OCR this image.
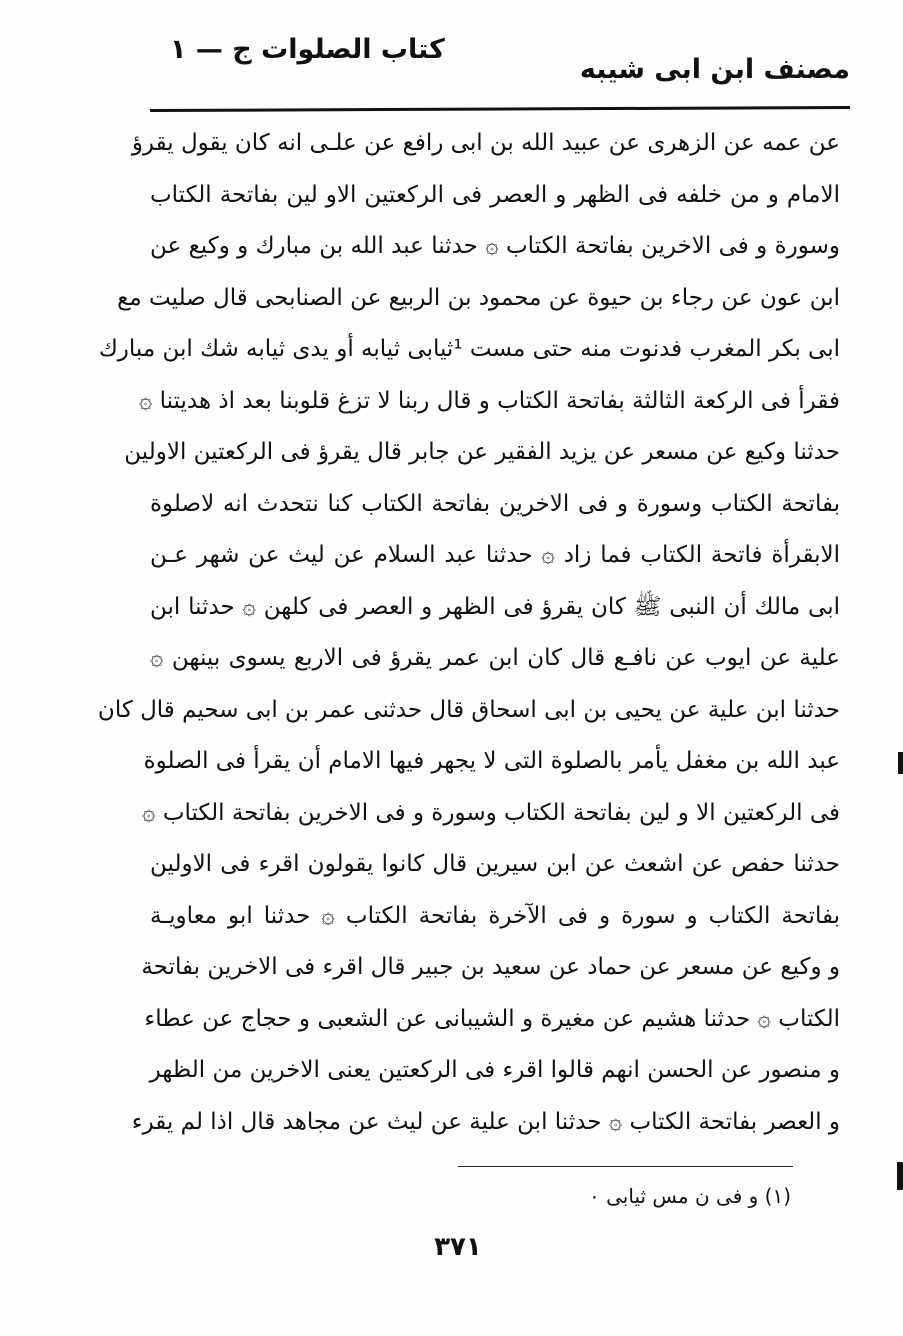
مصنف ابن ابى شيبه
كتاب الصلوات ج — ١
عن عمه عن الزهرى عن عبيد الله بن ابى رافع عن علـى انه كان يقول يقرؤ
الامام و من خلفه فى الظهر و العصر فى الركعتين الاو لين بفاتحة الكتاب
وسورة و فى الاخرين بفاتحة الكتاب ۞ حدثنا عبد الله بن مبارك و وكيع عن
ابن عون عن رجاء بن حيوة عن محمود بن الربيع عن الصنابحى قال صليت مع
ابى بكر المغرب فدنوت منه حتى مست ¹ثيابى ثيابه أو يدى ثيابه شك ابن مبارك
فقرأ فى الركعة الثالثة بفاتحة الكتاب و قال ربنا لا تزغ قلوبنا بعد اذ هديتنا ۞
حدثنا وكيع عن مسعر عن يزيد الفقير عن جابر قال يقرؤ فى الركعتين الاولين
بفاتحة الكتاب وسورة و فى الاخرين بفاتحة الكتاب كنا نتحدث انه لاصلوة
الابقرأة فاتحة الكتاب فما زاد ۞ حدثنا عبد السلام عن ليث عن شهر عـن
ابى مالك أن النبى ﷺ كان يقرؤ فى الظهر و العصر فى كلهن ۞ حدثنا ابن
علية عن ايوب عن نافـع قال كان ابن عمر يقرؤ فى الاربع يسوى بينهن ۞
حدثنا ابن علية عن يحيى بن ابى اسحاق قال حدثنى عمر بن ابى سحيم قال كان
عبد الله بن مغفل يأمر بالصلوة التى لا يجهر فيها الامام أن يقرأ فى الصلوة
فى الركعتين الا و لين بفاتحة الكتاب وسورة و فى الاخرين بفاتحة الكتاب ۞
حدثنا حفص عن اشعث عن ابن سيرين قال كانوا يقولون اقرء فى الاولين
بفاتحة الكتاب و سورة و فى الآخرة بفاتحة الكتاب ۞ حدثنا ابو معاويـة
و وكيع عن مسعر عن حماد عن سعيد بن جبير قال اقرء فى الاخرين بفاتحة
الكتاب ۞ حدثنا هشيم عن مغيرة و الشيبانى عن الشعبى و حجاج عن عطاء
و منصور عن الحسن انهم قالوا اقرء فى الركعتين يعنى الاخرين من الظهر
و العصر بفاتحة الكتاب ۞ حدثنا ابن علية عن ليث عن مجاهد قال اذا لم يقرء
(١) و فى ن مس ثيابى ۰
٣٧١
